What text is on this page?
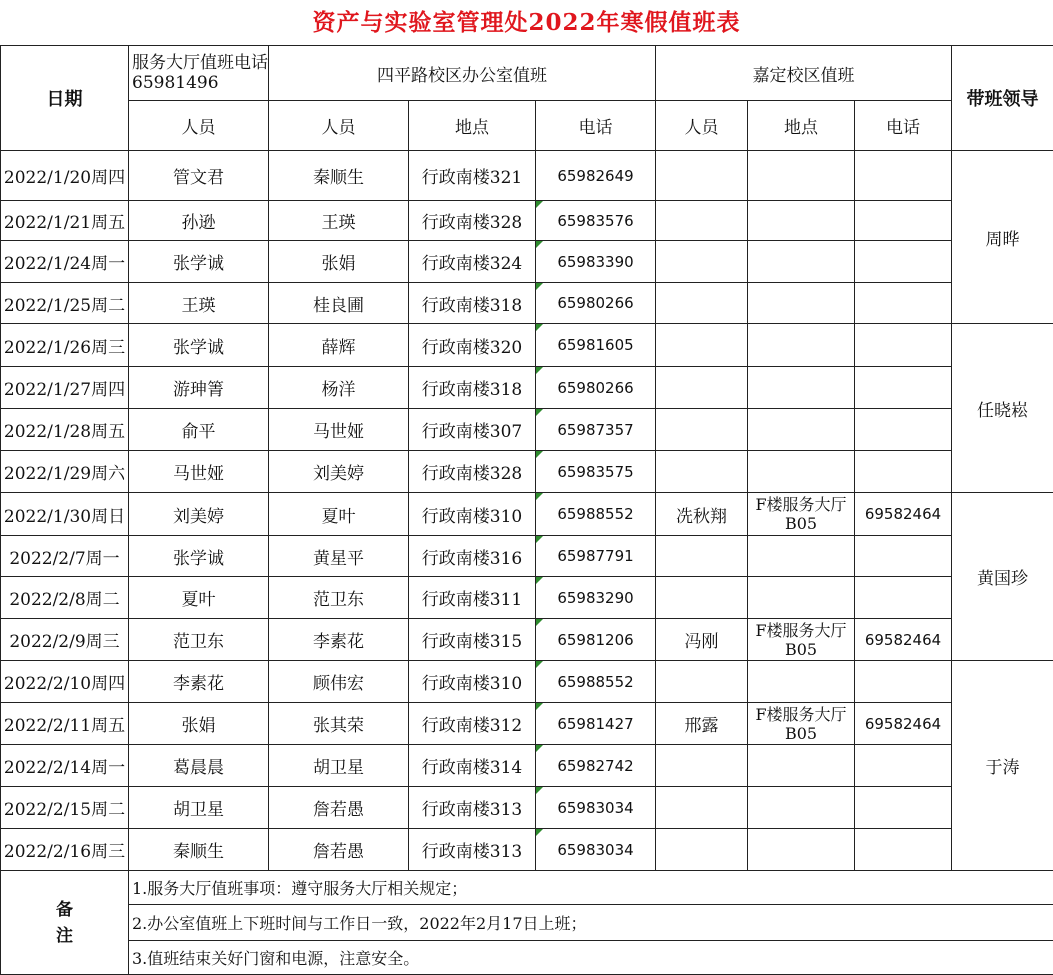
资产与实验室管理处2022年寒假值班表
日期	服务大厅值班电话65981496	四平路校区办公室值班			嘉定校区值班			带班领导
	人员	人员	地点	电话	人员	地点	电话	
2022/1/20周四	管文君	秦顺生	行政南楼321	65982649				周晔
2022/1/21周五	孙逊	王瑛	行政南楼328	65983576				
2022/1/24周一	张学诚	张娟	行政南楼324	65983390				
2022/1/25周二	王瑛	桂良圃	行政南楼318	65980266				
2022/1/26周三	张学诚	薛辉	行政南楼320	65981605				任晓崧
2022/1/27周四	游珅箐	杨洋	行政南楼318	65980266				
2022/1/28周五	俞平	马世娅	行政南楼307	65987357				
2022/1/29周六	马世娅	刘美婷	行政南楼328	65983575				
2022/1/30周日	刘美婷	夏叶	行政南楼310	65988552	冼秋翔	F楼服务大厅B05	69582464	黄国珍
2022/2/7周一	张学诚	黄星平	行政南楼316	65987791				
2022/2/8周二	夏叶	范卫东	行政南楼311	65983290				
2022/2/9周三	范卫东	李素花	行政南楼315	65981206	冯刚	F楼服务大厅B05	69582464	
2022/2/10周四	李素花	顾伟宏	行政南楼310	65988552				于涛
2022/2/11周五	张娟	张其荣	行政南楼312	65981427	邢露	F楼服务大厅B05	69582464	
2022/2/14周一	葛晨晨	胡卫星	行政南楼314	65982742				
2022/2/15周二	胡卫星	詹若愚	行政南楼313	65983034				
2022/2/16周三	秦顺生	詹若愚	行政南楼313	65983034				
备注	1.服务大厅值班事项：遵守服务大厅相关规定；							
	2.办公室值班上下班时间与工作日一致，2022年2月17日上班；							
	3.值班结束关好门窗和电源，注意安全。							
